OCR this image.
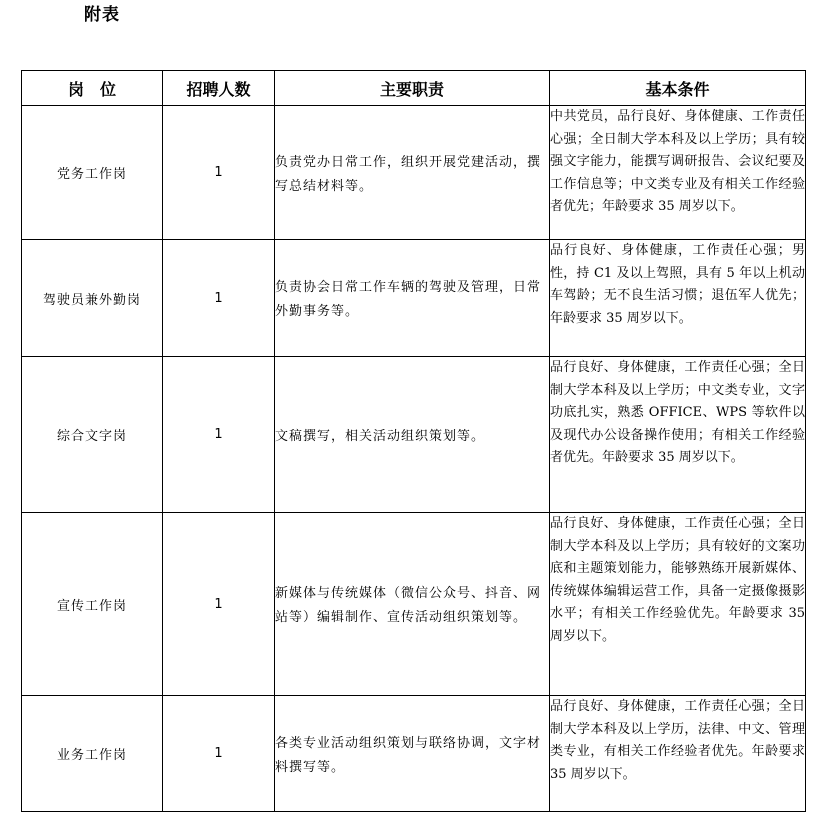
附表
岗　位	招聘人数	主要职责	基本条件
党务工作岗	1	负责党办日常工作，组织开展党建活动，撰写总结材料等。	中共党员，品行良好、身体健康、工作责任心强；全日制大学本科及以上学历；具有较强文字能力，能撰写调研报告、会议纪要及工作信息等；中文类专业及有相关工作经验者优先；年龄要求 35 周岁以下。
驾驶员兼外勤岗	1	负责协会日常工作车辆的驾驶及管理，日常外勤事务等。	品行良好、身体健康，工作责任心强；男性，持 C1 及以上驾照，具有 5 年以上机动车驾龄；无不良生活习惯；退伍军人优先；年龄要求 35 周岁以下。
综合文字岗	1	文稿撰写，相关活动组织策划等。	品行良好、身体健康，工作责任心强；全日制大学本科及以上学历；中文类专业，文字功底扎实，熟悉 OFFICE、WPS 等软件以及现代办公设备操作使用；有相关工作经验者优先。年龄要求 35 周岁以下。
宣传工作岗	1	新媒体与传统媒体（微信公众号、抖音、网站等）编辑制作、宣传活动组织策划等。	品行良好、身体健康，工作责任心强；全日制大学本科及以上学历；具有较好的文案功底和主题策划能力，能够熟练开展新媒体、传统媒体编辑运营工作，具备一定摄像摄影水平；有相关工作经验优先。年龄要求 35 周岁以下。
业务工作岗	1	各类专业活动组织策划与联络协调，文字材料撰写等。	品行良好、身体健康，工作责任心强；全日制大学本科及以上学历，法律、中文、管理类专业，有相关工作经验者优先。年龄要求 35 周岁以下。
